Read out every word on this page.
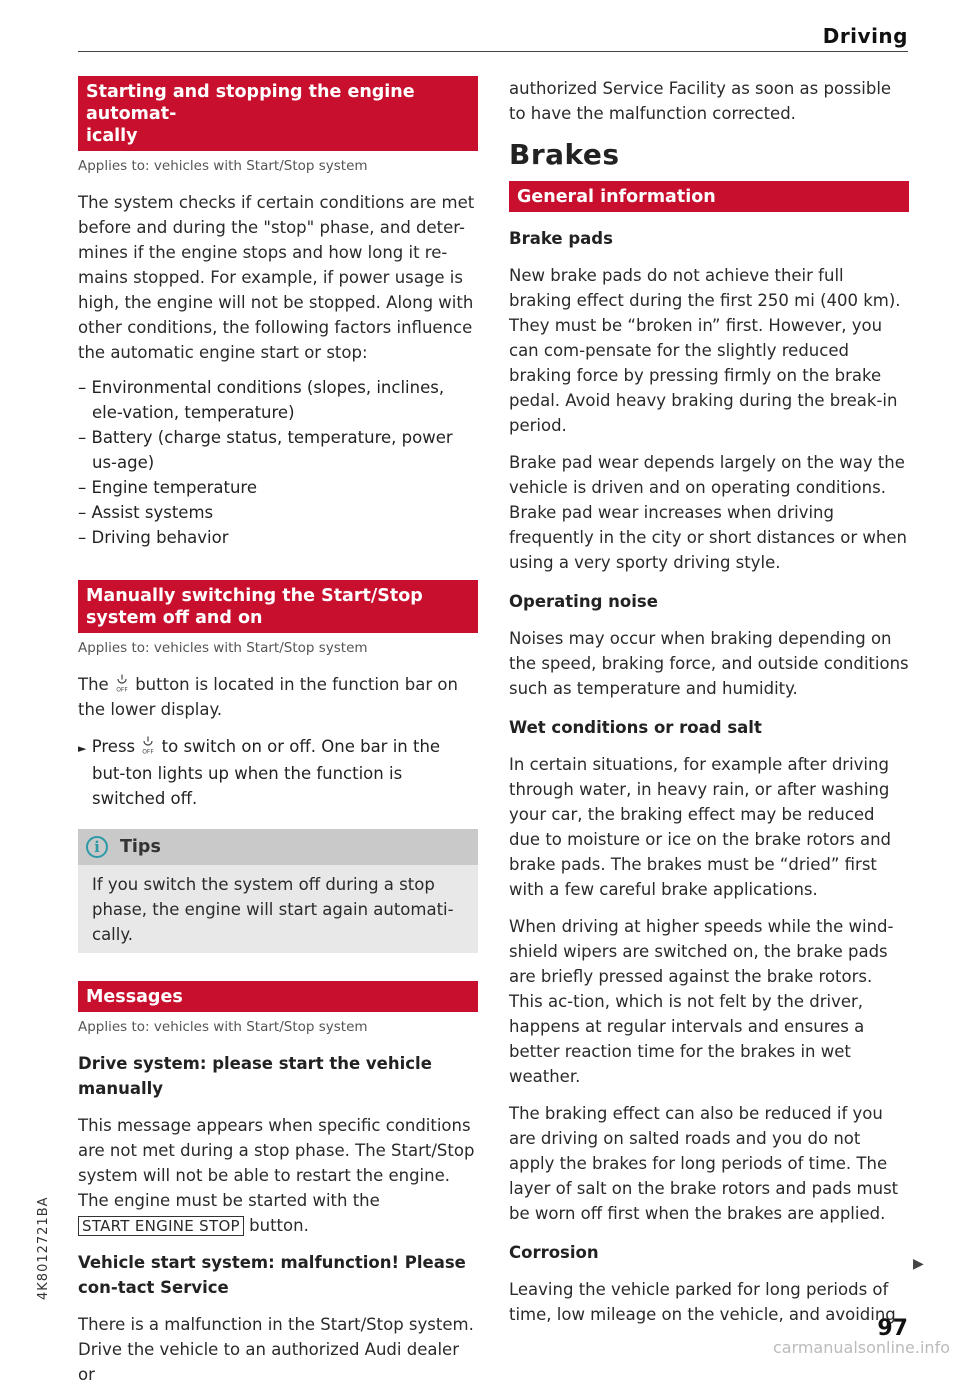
Driving
Starting and stopping the engine automat-
ically
Applies to: vehicles with Start/Stop system

The system checks if certain conditions are met before and during the "stop" phase, and deter-mines if the engine stops and how long it re-mains stopped. For example, if power usage is high, the engine will not be stopped. Along with other conditions, the following factors influence the automatic engine start or stop:

– Environmental conditions (slopes, inclines, ele-vation, temperature)
– Battery (charge status, temperature, power us-age)
– Engine temperature
– Assist systems
– Driving behavior
Manually switching the Start/Stop system off and on
Applies to: vehicles with Start/Stop system

The OFF button is located in the function bar on the lower display.

► Press OFF to switch on or off. One bar in the but-ton lights up when the function is switched off.
i	Tips
If you switch the system off during a stop phase, the engine will start again automati-cally.
Messages
Applies to: vehicles with Start/Stop system
Drive system: please start the vehicle manually

This message appears when specific conditions are not met during a stop phase. The Start/Stop system will not be able to restart the engine. The engine must be started with the
START ENGINE STOP button.

Vehicle start system: malfunction! Please con-tact Service

There is a malfunction in the Start/Stop system. Drive the vehicle to an authorized Audi dealer or

authorized Service Facility as soon as possible to have the malfunction corrected.

Brakes
General information
Brake pads

New brake pads do not achieve their full braking effect during the first 250 mi (400 km). They must be “broken in” first. However, you can com-pensate for the slightly reduced braking force by pressing firmly on the brake pedal. Avoid heavy braking during the break-in period.

Brake pad wear depends largely on the way the vehicle is driven and on operating conditions. Brake pad wear increases when driving frequently in the city or short distances or when using a very sporty driving style.

Operating noise

Noises may occur when braking depending on the speed, braking force, and outside conditions such as temperature and humidity.

Wet conditions or road salt

In certain situations, for example after driving through water, in heavy rain, or after washing your car, the braking effect may be reduced due to moisture or ice on the brake rotors and brake pads. The brakes must be “dried” first with a few careful brake applications.

When driving at higher speeds while the wind-shield wipers are switched on, the brake pads are briefly pressed against the brake rotors. This ac-tion, which is not felt by the driver, happens at regular intervals and ensures a better reaction time for the brakes in wet weather.

The braking effect can also be reduced if you are driving on salted roads and you do not apply the brakes for long periods of time. The layer of salt on the brake rotors and pads must be worn off first when the brakes are applied.

Corrosion

Leaving the vehicle parked for long periods of time, low mileage on the vehicle, and avoiding

▶
97
4K8012721BA
carmanualsonline.info
